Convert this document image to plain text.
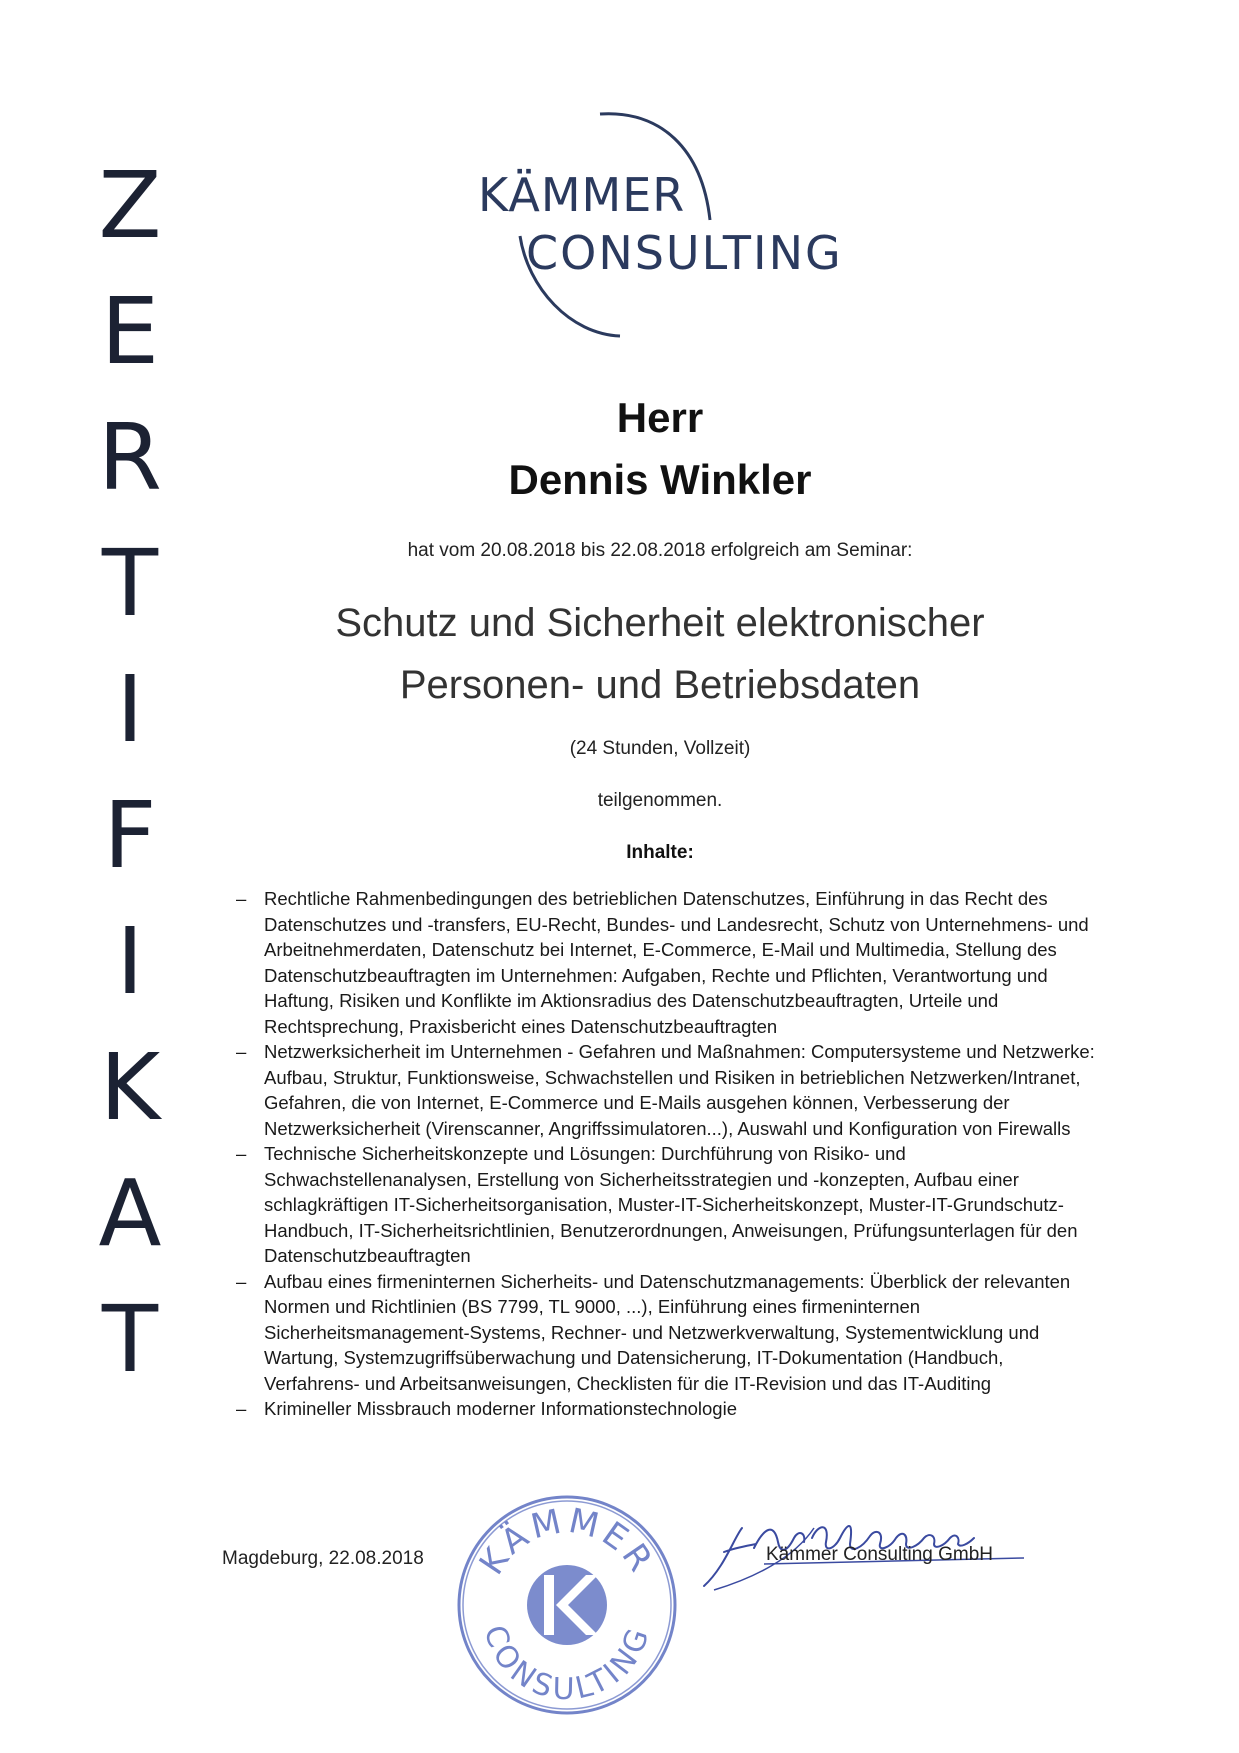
Z
E
R
T
I
F
I
K
A
T
KÄMMER
CONSULTING
Herr
Dennis Winkler
hat vom 20.08.2018 bis 22.08.2018 erfolgreich am Seminar:
Schutz und Sicherheit elektronischer
Personen- und Betriebsdaten
(24 Stunden, Vollzeit)
teilgenommen.
Inhalte:
– Rechtliche Rahmenbedingungen des betrieblichen Datenschutzes, Einführung in das Recht des Datenschutzes und -transfers, EU-Recht, Bundes- und Landesrecht, Schutz von Unternehmens- und Arbeitnehmerdaten, Datenschutz bei Internet, E-Commerce, E-Mail und Multimedia, Stellung des Datenschutzbeauftragten im Unternehmen: Aufgaben, Rechte und Pflichten, Verantwortung und Haftung, Risiken und Konflikte im Aktionsradius des Datenschutzbeauftragten, Urteile und Rechtsprechung, Praxisbericht eines Datenschutzbeauftragten
– Netzwerksicherheit im Unternehmen - Gefahren und Maßnahmen: Computersysteme und Netzwerke: Aufbau, Struktur, Funktionsweise, Schwachstellen und Risiken in betrieblichen Netzwerken/Intranet, Gefahren, die von Internet, E-Commerce und E-Mails ausgehen können, Verbesserung der Netzwerksicherheit (Virenscanner, Angriffssimulatoren...), Auswahl und Konfiguration von Firewalls
– Technische Sicherheitskonzepte und Lösungen: Durchführung von Risiko- und Schwachstellenanalysen, Erstellung von Sicherheitsstrategien und -konzepten, Aufbau einer schlagkräftigen IT-Sicherheitsorganisation, Muster-IT-Sicherheitskonzept, Muster-IT-Grundschutz-Handbuch, IT-Sicherheitsrichtlinien, Benutzerordnungen, Anweisungen, Prüfungsunterlagen für den Datenschutzbeauftragten
– Aufbau eines firmeninternen Sicherheits- und Datenschutzmanagements: Überblick der relevanten Normen und Richtlinien (BS 7799, TL 9000, ...), Einführung eines firmeninternen Sicherheitsmanagement-Systems, Rechner- und Netzwerkverwaltung, Systementwicklung und Wartung, Systemzugriffsüberwachung und Datensicherung, IT-Dokumentation (Handbuch, Verfahrens- und Arbeitsanweisungen, Checklisten für die IT-Revision und das IT-Auditing
– Krimineller Missbrauch moderner Informationstechnologie
Magdeburg, 22.08.2018 KÄMMER
CONSULTING
Kämmer Consulting GmbH
